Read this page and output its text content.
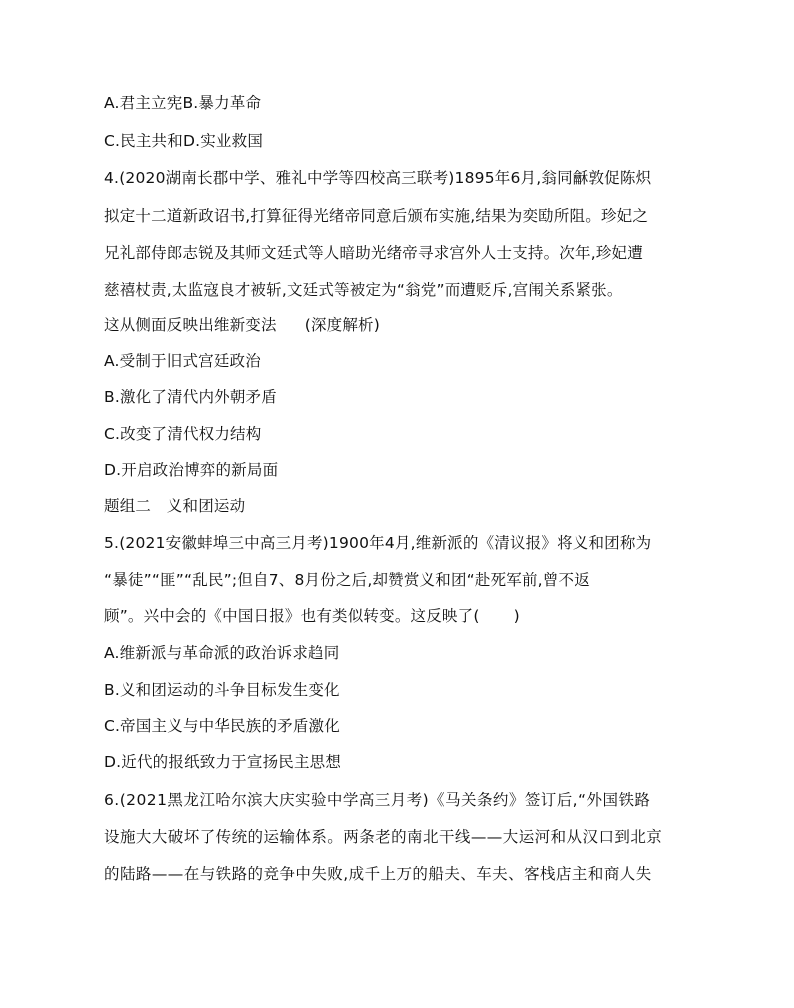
A.君主立宪B.暴力革命
C.民主共和D.实业救国
4.(2020湖南长郡中学、雅礼中学等四校高三联考)1895年6月,翁同龢敦促陈炽
拟定十二道新政诏书,打算征得光绪帝同意后颁布实施,结果为奕劻所阻。珍妃之
兄礼部侍郎志锐及其师文廷式等人暗助光绪帝寻求宫外人士支持。次年,珍妃遭
慈禧杖责,太监寇良才被斩,文廷式等被定为“翁党”而遭贬斥,宫闱关系紧张。
这从侧面反映出维新变法 (深度解析)
A.受制于旧式宫廷政治
B.激化了清代内外朝矛盾
C.改变了清代权力结构
D.开启政治博弈的新局面
题组二　义和团运动
5.(2021安徽蚌埠三中高三月考)1900年4月,维新派的《清议报》将义和团称为
“暴徒”“匪”“乱民”;但自7、8月份之后,却赞赏义和团“赴死军前,曾不返
顾”。兴中会的《中国日报》也有类似转变。这反映了( )
A.维新派与革命派的政治诉求趋同
B.义和团运动的斗争目标发生变化
C.帝国主义与中华民族的矛盾激化
D.近代的报纸致力于宣扬民主思想
6.(2021黑龙江哈尔滨大庆实验中学高三月考)《马关条约》签订后,“外国铁路
设施大大破坏了传统的运输体系。两条老的南北干线——大运河和从汉口到北京
的陆路——在与铁路的竞争中失败,成千上万的船夫、车夫、客栈店主和商人失
